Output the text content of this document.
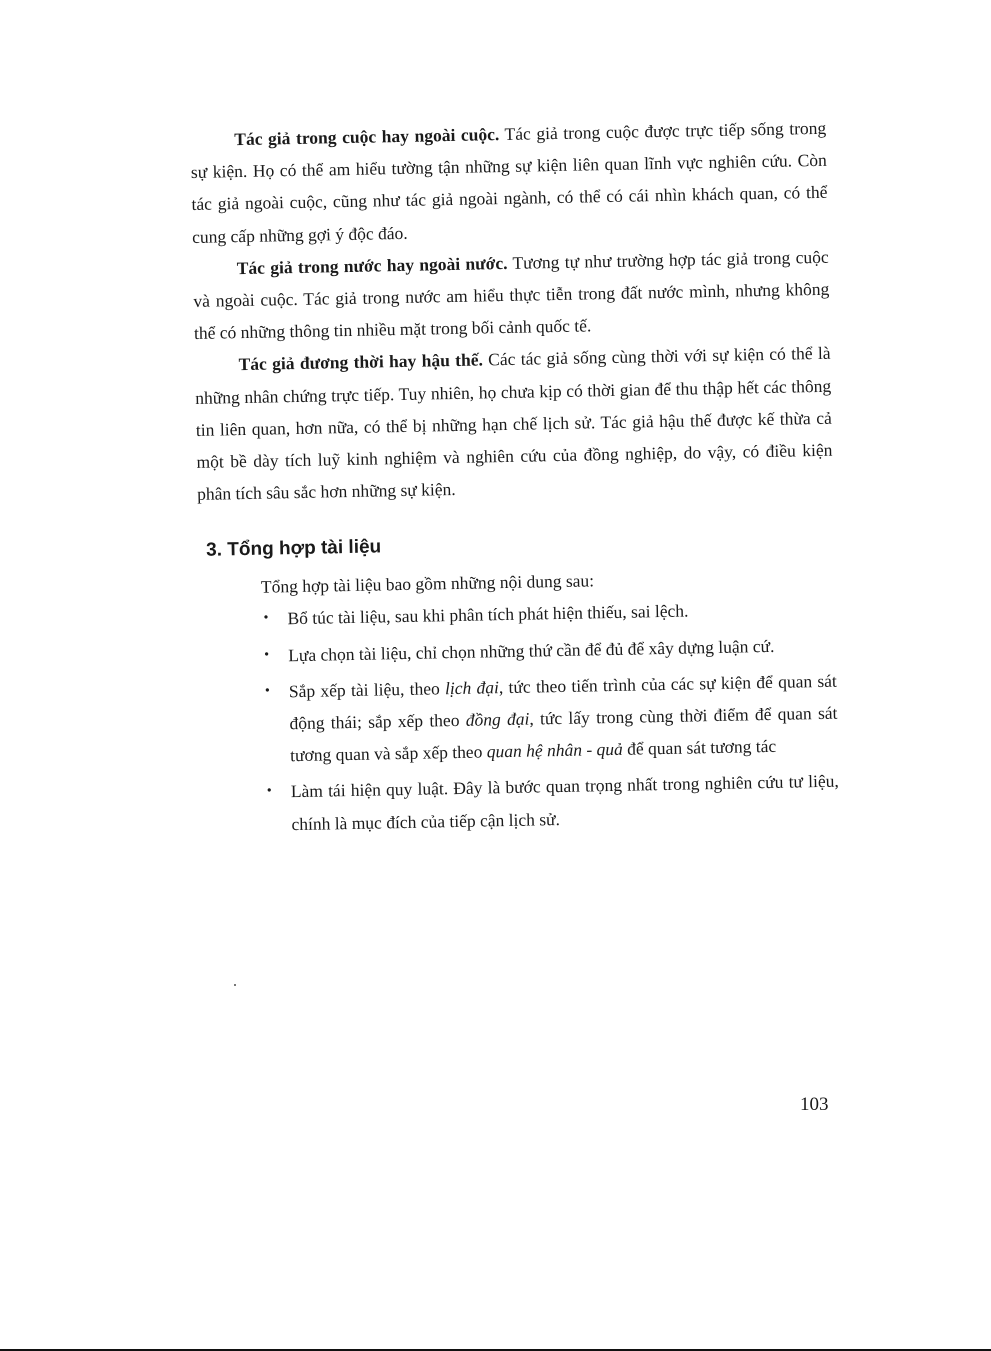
Tác giả trong cuộc hay ngoài cuộc. Tác giả trong cuộc được trực tiếp sống trong sự kiện. Họ có thể am hiểu tường tận những sự kiện liên quan lĩnh vực nghiên cứu. Còn tác giả ngoài cuộc, cũng như tác giả ngoài ngành, có thể có cái nhìn khách quan, có thể cung cấp những gợi ý độc đáo.

Tác giả trong nước hay ngoài nước. Tương tự như trường hợp tác giả trong cuộc và ngoài cuộc. Tác giả trong nước am hiểu thực tiễn trong đất nước mình, nhưng không thể có những thông tin nhiều mặt trong bối cảnh quốc tế.

Tác giả đương thời hay hậu thế. Các tác giả sống cùng thời với sự kiện có thể là những nhân chứng trực tiếp. Tuy nhiên, họ chưa kịp có thời gian để thu thập hết các thông tin liên quan, hơn nữa, có thể bị những hạn chế lịch sử. Tác giả hậu thế được kế thừa cả một bề dày tích luỹ kinh nghiệm và nghiên cứu của đồng nghiệp, do vậy, có điều kiện phân tích sâu sắc hơn những sự kiện.

3. Tổng hợp tài liệu
Tổng hợp tài liệu bao gồm những nội dung sau:
• Bổ túc tài liệu, sau khi phân tích phát hiện thiếu, sai lệch.
• Lựa chọn tài liệu, chỉ chọn những thứ cần để đủ để xây dựng luận cứ.
• Sắp xếp tài liệu, theo lịch đại, tức theo tiến trình của các sự kiện để quan sát động thái; sắp xếp theo đồng đại, tức lấy trong cùng thời điểm để quan sát tương quan và sắp xếp theo quan hệ nhân - quả để quan sát tương tác
• Làm tái hiện quy luật. Đây là bước quan trọng nhất trong nghiên cứu tư liệu, chính là mục đích của tiếp cận lịch sử.
103
